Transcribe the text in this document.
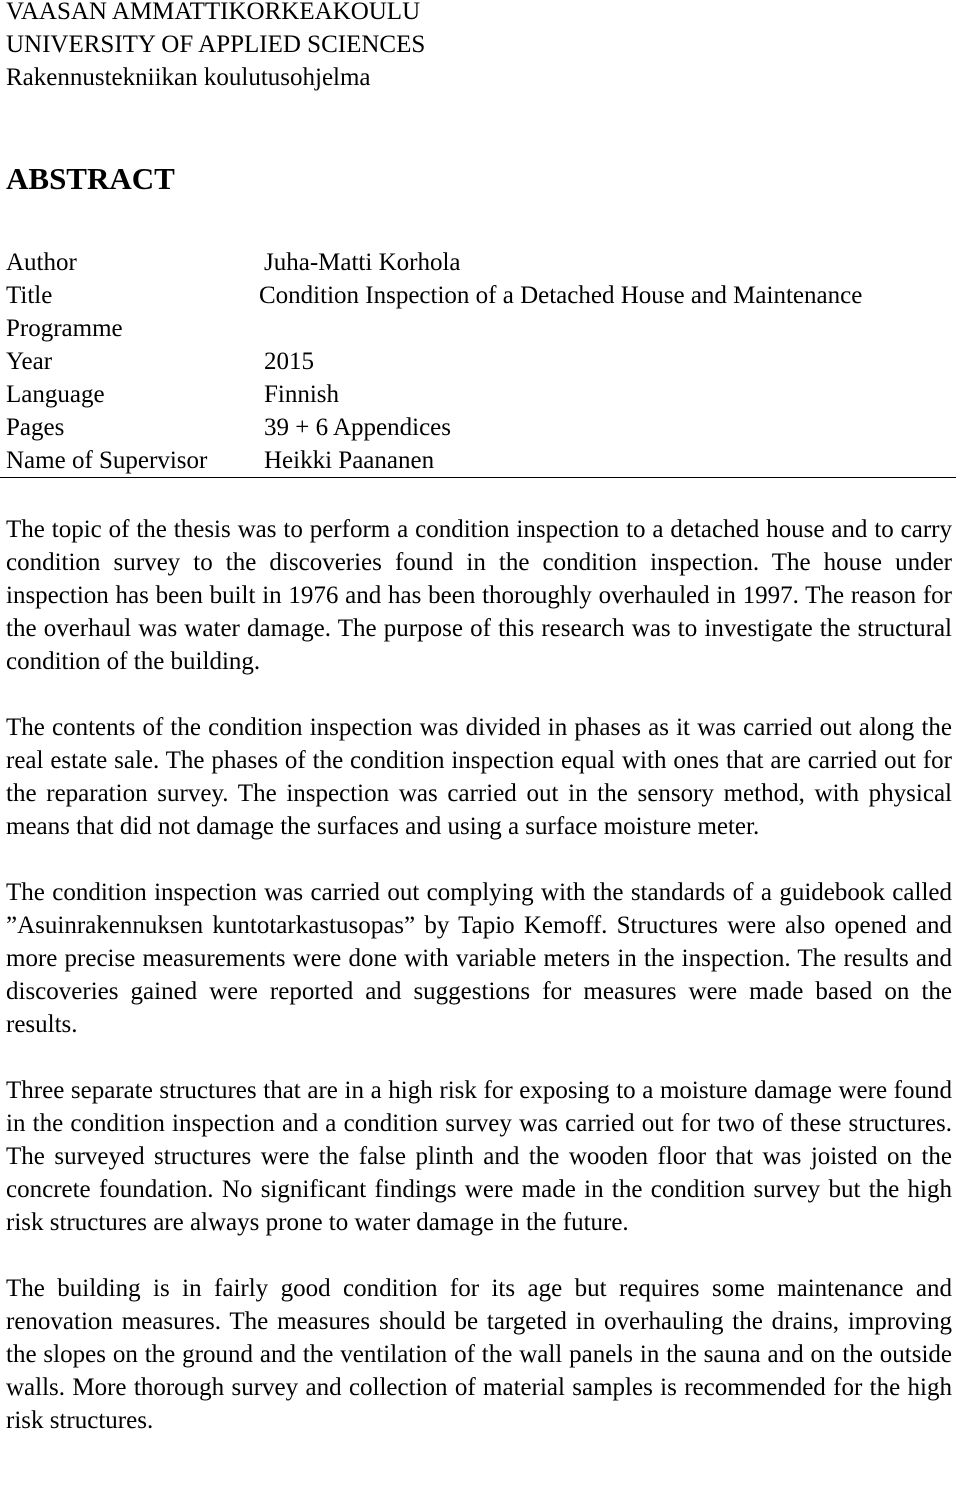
VAASAN AMMATTIKORKEAKOULU
UNIVERSITY OF APPLIED SCIENCES
Rakennustekniikan koulutusohjelma
ABSTRACT
Author	Juha-Matti Korhola
Title	Condition Inspection of a Detached House and Maintenance
Programme
Year	2015
Language	Finnish
Pages	39 + 6 Appendices
Name of Supervisor Heikki Paananen

The topic of the thesis was to perform a condition inspection to a detached house and to carry condition survey to the discoveries found in the condition inspection. The house under inspection has been built in 1976 and has been thoroughly overhauled in 1997. The reason for the overhaul was water damage. The purpose of this research was to investigate the structural condition of the building.

The contents of the condition inspection was divided in phases as it was carried out along the real estate sale. The phases of the condition inspection equal with ones that are carried out for the reparation survey. The inspection was carried out in the sensory method, with physical means that did not damage the surfaces and using a surface moisture meter.

The condition inspection was carried out complying with the standards of a guidebook called ”Asuinrakennuksen kuntotarkastusopas” by Tapio Kemoff. Structures were also opened and more precise measurements were done with variable meters in the inspection. The results and discoveries gained were reported and suggestions for measures were made based on the results.

Three separate structures that are in a high risk for exposing to a moisture damage were found in the condition inspection and a condition survey was carried out for two of these structures. The surveyed structures were the false plinth and the wooden floor that was joisted on the concrete foundation. No significant findings were made in the condition survey but the high risk structures are always prone to water damage in the future.

The building is in fairly good condition for its age but requires some maintenance and renovation measures. The measures should be targeted in overhauling the drains, improving the slopes on the ground and the ventilation of the wall panels in the sauna and on the outside walls. More thorough survey and collection of material samples is recommended for the high risk structures.
